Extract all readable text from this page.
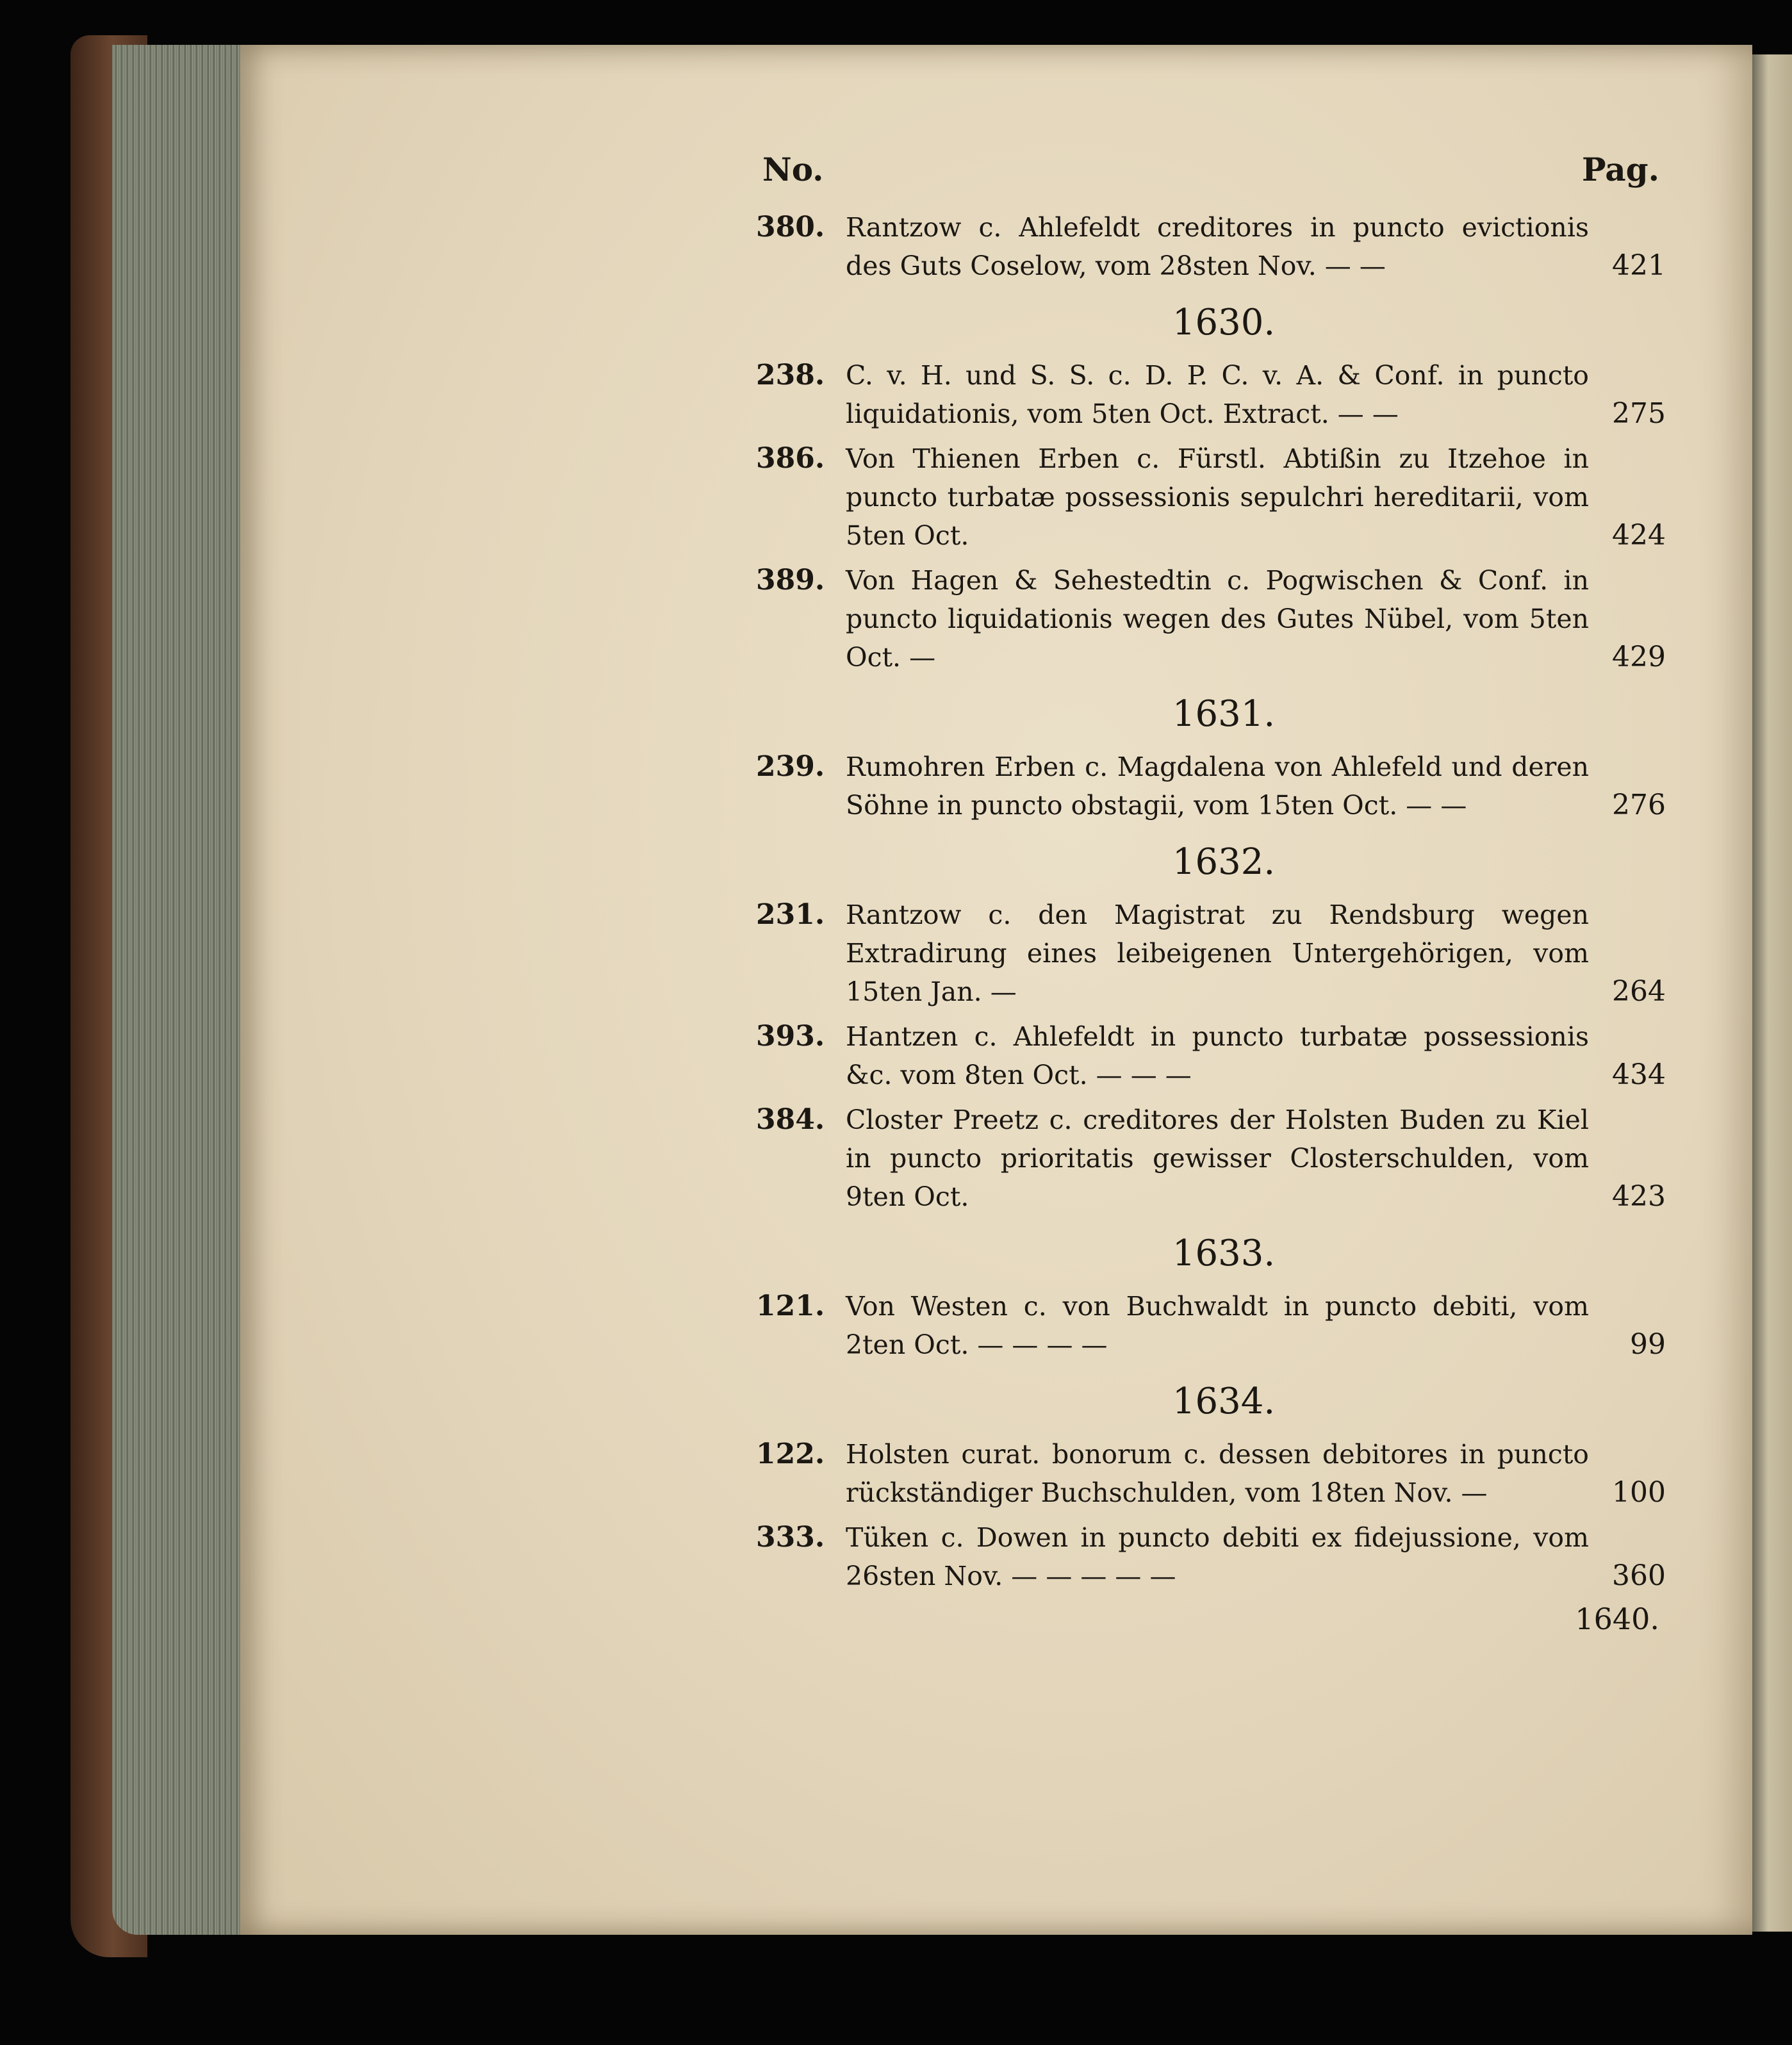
No.	Pag.
380. Rantzow c. Ahlefeldt creditores in puncto evictionis des Guts Coselow, vom 28sten Nov. — —	421
1630.
238. C. v. H. und S. S. c. D. P. C. v. A. & Conf. in puncto liquidationis, vom 5ten Oct. Extract. — —	275
386. Von Thienen Erben c. Fürstl. Abtißin zu Itzehoe in puncto turbatæ possessionis sepulchri hereditarii, vom 5ten Oct.	424
389. Von Hagen & Sehestedtin c. Pogwischen & Conf. in puncto liquidationis wegen des Gutes Nübel, vom 5ten Oct. —	429
1631.
239. Rumohren Erben c. Magdalena von Ahlefeld und deren Söhne in puncto obstagii, vom 15ten Oct. — —	276
1632.
231. Rantzow c. den Magistrat zu Rendsburg wegen Extradirung eines leibeigenen Untergehörigen, vom 15ten Jan. —	264
393. Hantzen c. Ahlefeldt in puncto turbatæ possessionis &c. vom 8ten Oct. — — —	434
384. Closter Preetz c. creditores der Holsten Buden zu Kiel in puncto prioritatis gewisser Closterschulden, vom 9ten Oct.	423
1633.
121. Von Westen c. von Buchwaldt in puncto debiti, vom 2ten Oct. — — — —	99
1634.
122. Holsten curat. bonorum c. dessen debitores in puncto rückständiger Buchschulden, vom 18ten Nov. —	100
333. Tüken c. Dowen in puncto debiti ex fidejussione, vom 26sten Nov. — — — — —	360
1640.
